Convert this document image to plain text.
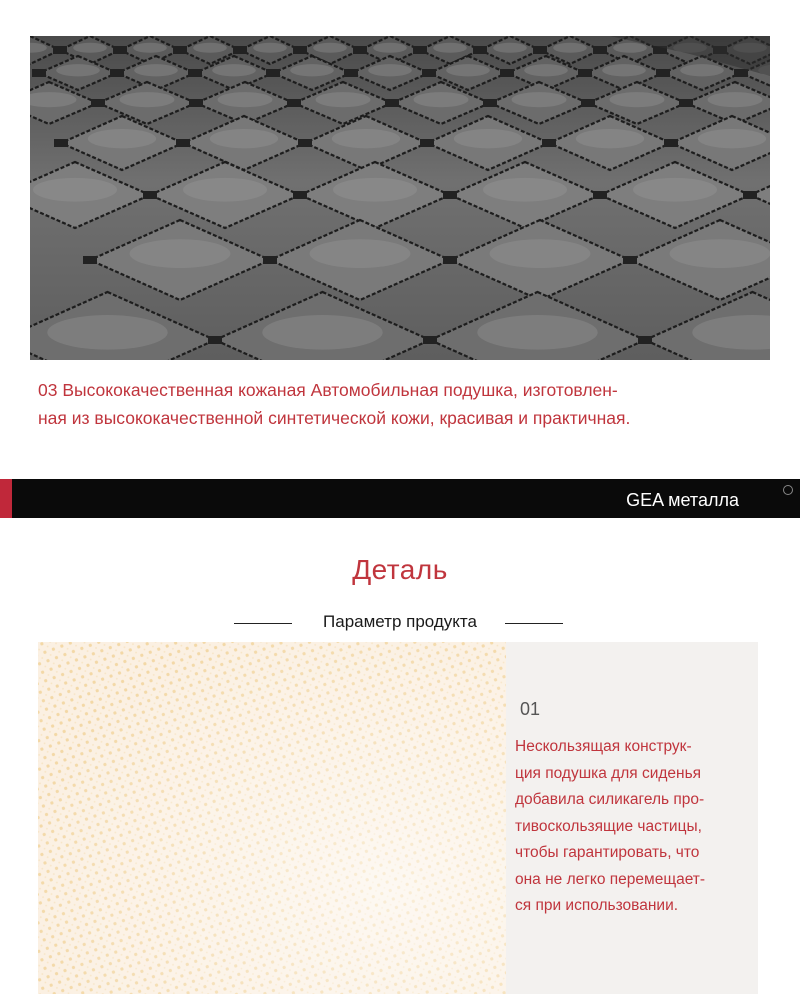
03 Высококачественная кожаная Автомобильная подушка, изготовлен-
ная из высококачественной синтетической кожи, красивая и практичная.
GEA металла
Деталь
Параметр продукта
01
Нескользящая конструк-
ция подушка для сиденья
добавила силикагель про-
тивоскользящие частицы,
чтобы гарантировать, что
она не легко перемещает-
ся при использовании.
